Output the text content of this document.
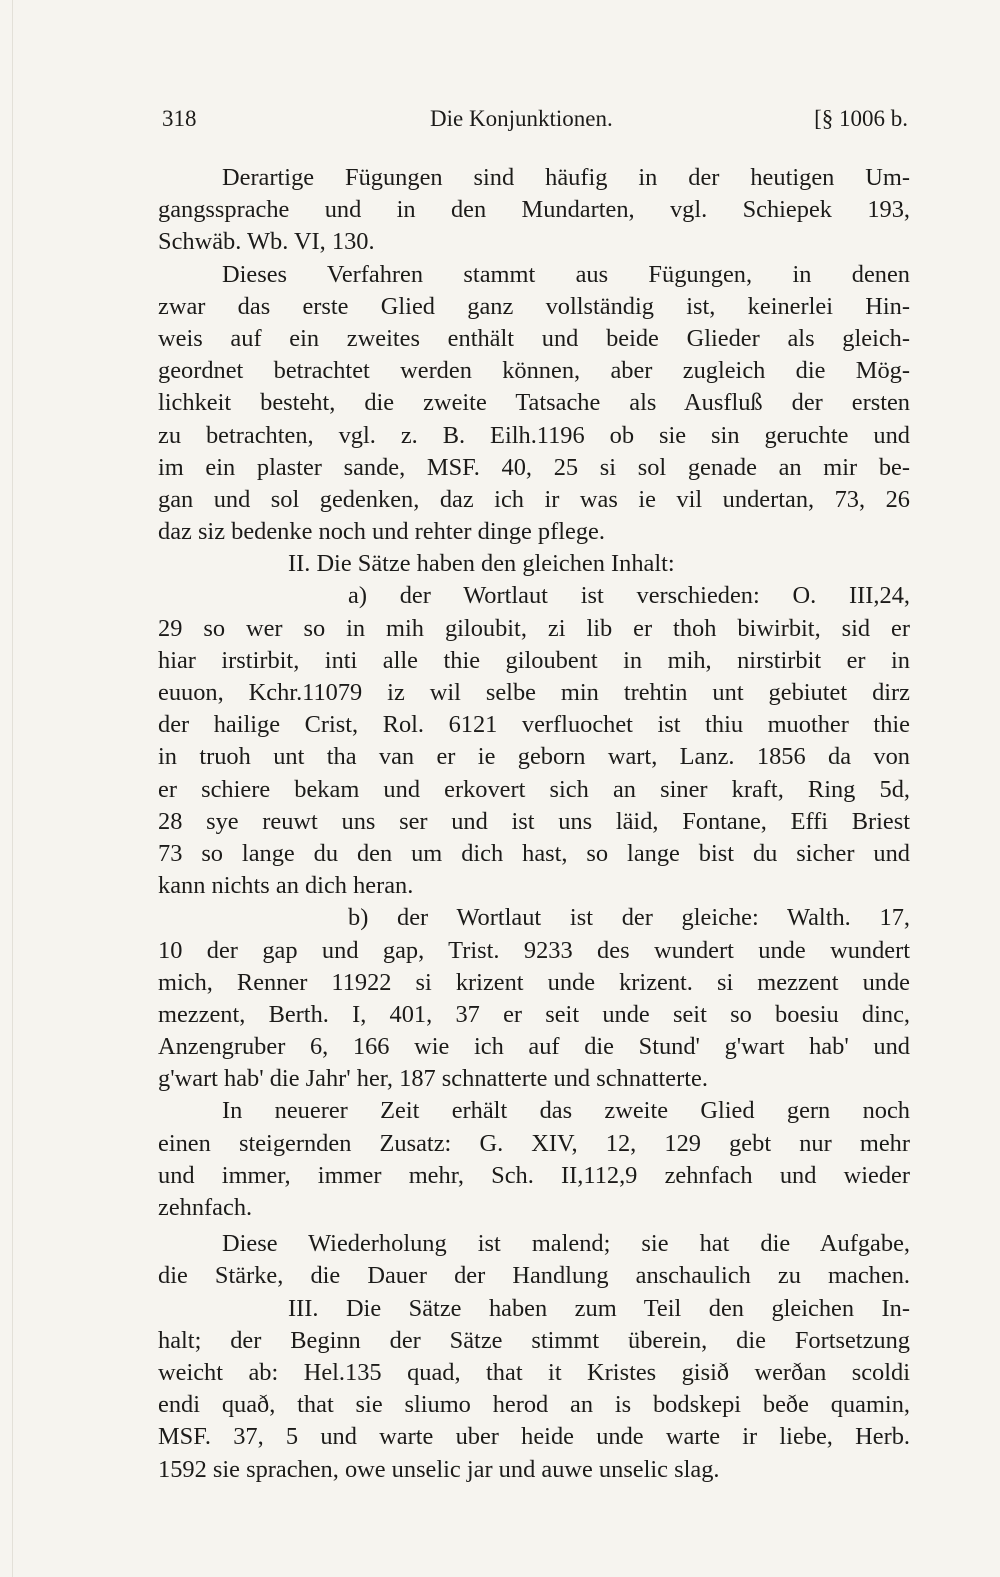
318	Die Konjunktionen.	[§ 1006 b.
Derartige Fügungen sind häufig in der heutigen Um-
gangssprache und in den Mundarten, vgl. Schiepek 193,
Schwäb. Wb. VI, 130.
Dieses Verfahren stammt aus Fügungen, in denen
zwar das erste Glied ganz vollständig ist, keinerlei Hin-
weis auf ein zweites enthält und beide Glieder als gleich-
geordnet betrachtet werden können, aber zugleich die Mög-
lichkeit besteht, die zweite Tatsache als Ausfluß der ersten
zu betrachten, vgl. z. B. Eilh.1196 ob sie sin geruchte und
im ein plaster sande, MSF. 40, 25 si sol genade an mir be-
gan und sol gedenken, daz ich ir was ie vil undertan, 73, 26
daz siz bedenke noch und rehter dinge pflege.
II. Die Sätze haben den gleichen Inhalt:
a) der Wortlaut ist verschieden: O. III,24,
29 so wer so in mih giloubit, zi lib er thoh biwirbit, sid er
hiar irstirbit, inti alle thie giloubent in mih, nirstirbit er in
euuon, Kchr.11079 iz wil selbe min trehtin unt gebiutet dirz
der hailige Crist, Rol. 6121 verfluochet ist thiu muother thie
in truoh unt tha van er ie geborn wart, Lanz. 1856 da von
er schiere bekam und erkovert sich an siner kraft, Ring 5d,
28 sye reuwt uns ser und ist uns läid, Fontane, Effi Briest
73 so lange du den um dich hast, so lange bist du sicher und
kann nichts an dich heran.
b) der Wortlaut ist der gleiche: Walth. 17,
10 der gap und gap, Trist. 9233 des wundert unde wundert
mich, Renner 11922 si krizent unde krizent. si mezzent unde
mezzent, Berth. I, 401, 37 er seit unde seit so boesiu dinc,
Anzengruber 6, 166 wie ich auf die Stund' g'wart hab' und
g'wart hab' die Jahr' her, 187 schnatterte und schnatterte.
In neuerer Zeit erhält das zweite Glied gern noch
einen steigernden Zusatz: G. XIV, 12, 129 gebt nur mehr
und immer, immer mehr, Sch. II,112,9 zehnfach und wieder
zehnfach.
Diese Wiederholung ist malend; sie hat die Aufgabe,
die Stärke, die Dauer der Handlung anschaulich zu machen.
III. Die Sätze haben zum Teil den gleichen In-
halt; der Beginn der Sätze stimmt überein, die Fortsetzung
weicht ab: Hel.135 quad, that it Kristes gisið werðan scoldi
endi quað, that sie sliumo herod an is bodskepi beðe quamin,
MSF. 37, 5 und warte uber heide unde warte ir liebe, Herb.
1592 sie sprachen, owe unselic jar und auwe unselic slag.
